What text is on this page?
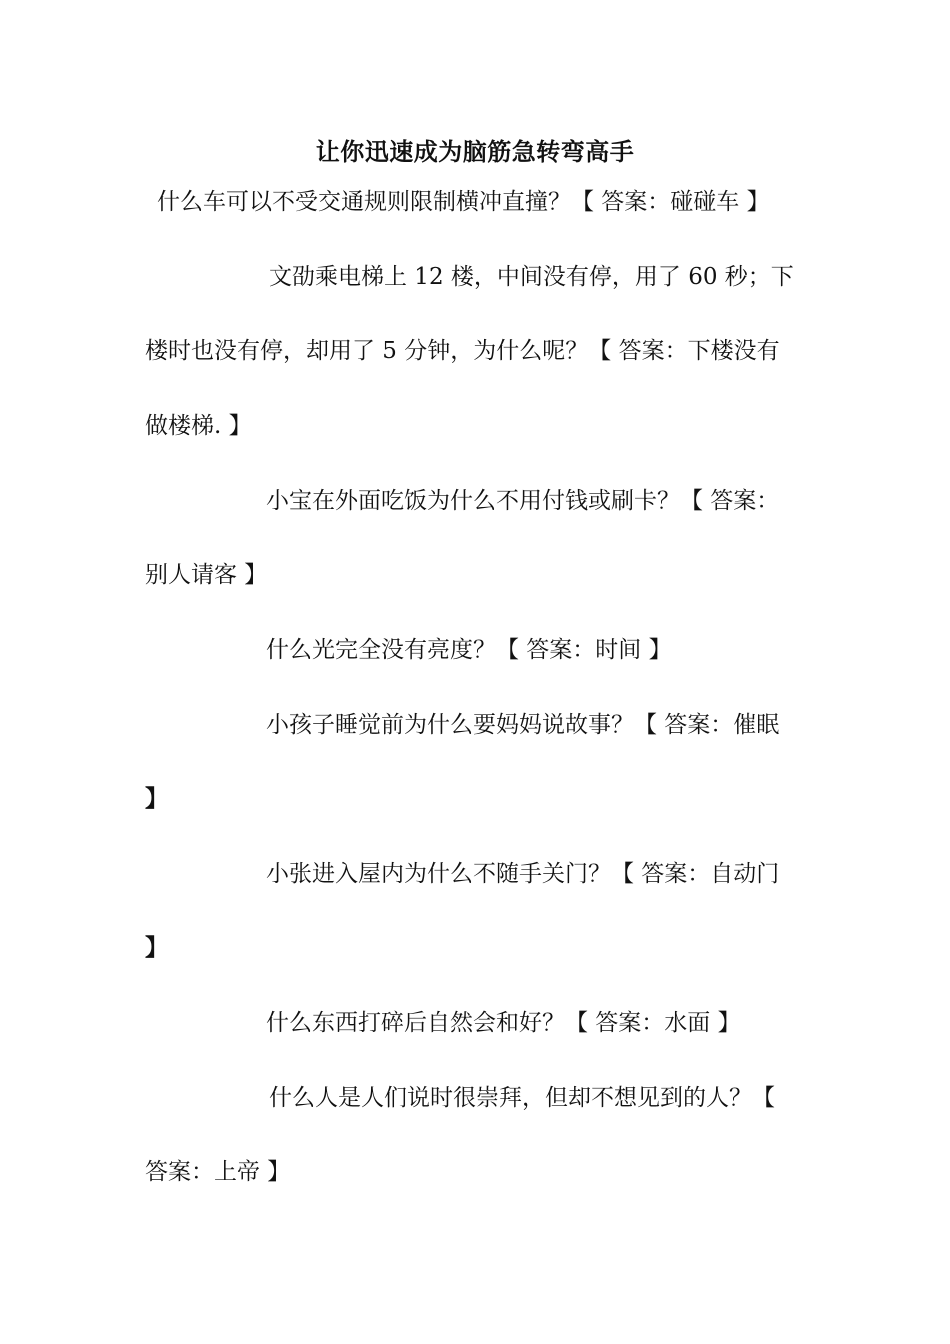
让你迅速成为脑筋急转弯高手
什么车可以不受交通规则限制横冲直撞？【 答案：碰碰车 】
文劭乘电梯上 12 楼，中间没有停，用了 60 秒；下
楼时也没有停，却用了 5 分钟，为什么呢？【 答案：下楼没有
做楼梯. 】
小宝在外面吃饭为什么不用付钱或刷卡？【 答案：
别人请客 】
什么光完全没有亮度？【 答案：时间 】
小孩子睡觉前为什么要妈妈说故事？【 答案：催眠
】
小张进入屋内为什么不随手关门？【 答案：自动门
】
什么东西打碎后自然会和好？【 答案：水面 】
什么人是人们说时很崇拜，但却不想见到的人？【
答案：上帝 】
